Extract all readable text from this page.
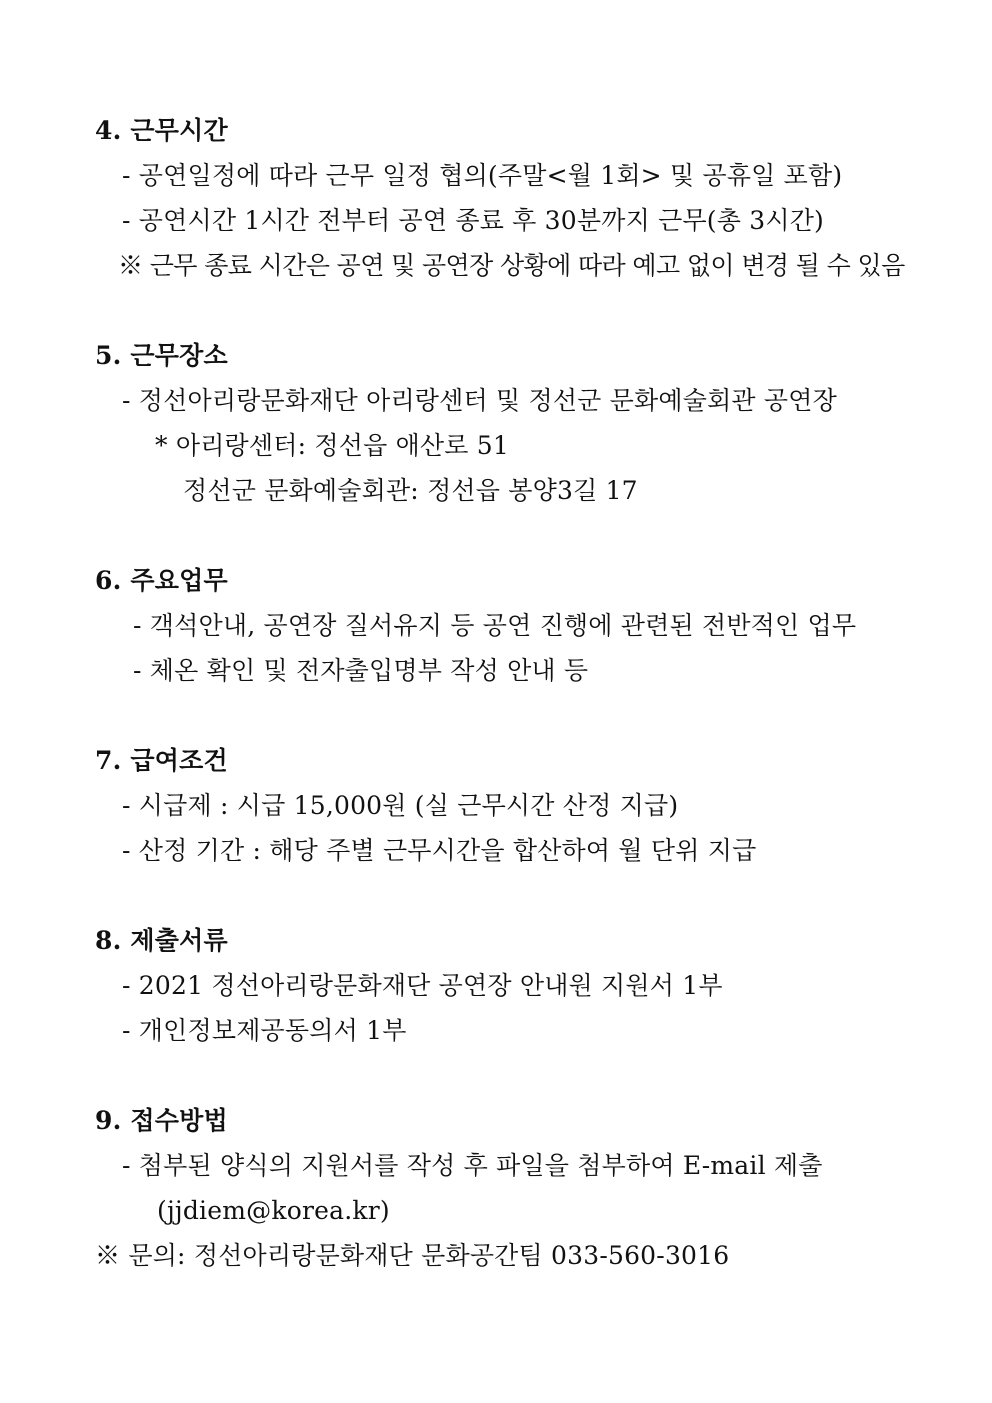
4. 근무시간
- 공연일정에 따라 근무 일정 협의(주말<월 1회> 및 공휴일 포함)
- 공연시간 1시간 전부터 공연 종료 후 30분까지 근무(총 3시간)
※ 근무 종료 시간은 공연 및 공연장 상황에 따라 예고 없이 변경 될 수 있음
5. 근무장소
- 정선아리랑문화재단 아리랑센터 및 정선군 문화예술회관 공연장
* 아리랑센터: 정선읍 애산로 51
정선군 문화예술회관: 정선읍 봉양3길 17
6. 주요업무
- 객석안내, 공연장 질서유지 등 공연 진행에 관련된 전반적인 업무
- 체온 확인 및 전자출입명부 작성 안내 등
7. 급여조건
- 시급제 : 시급 15,000원 (실 근무시간 산정 지급)
- 산정 기간 : 해당 주별 근무시간을 합산하여 월 단위 지급
8. 제출서류
- 2021 정선아리랑문화재단 공연장 안내원 지원서 1부
- 개인정보제공동의서 1부
9. 접수방법
- 첨부된 양식의 지원서를 작성 후 파일을 첨부하여 E-mail 제출
(jjdiem@korea.kr)
※ 문의: 정선아리랑문화재단 문화공간팀 033-560-3016
